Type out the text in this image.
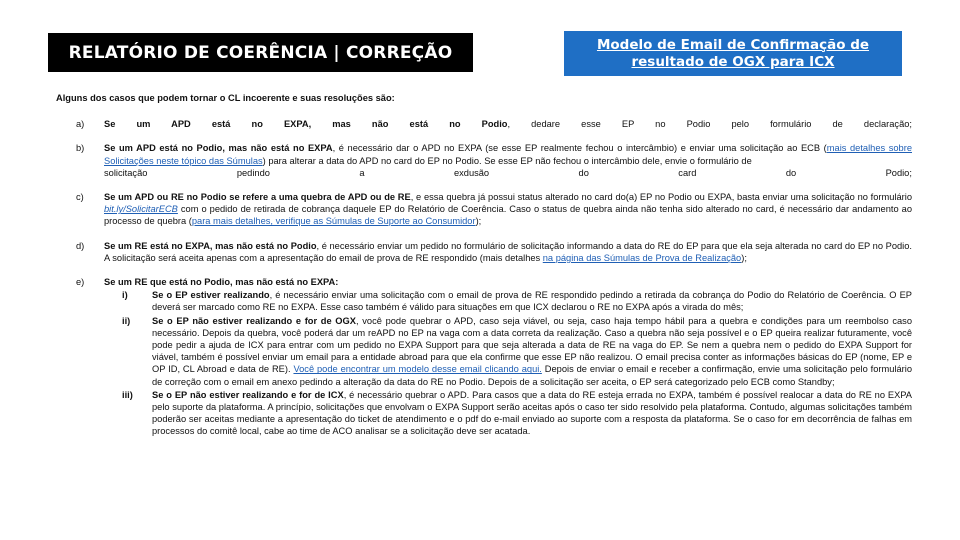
RELATÓRIO DE COERÊNCIA | CORREÇÃO	Modelo de Email de Confirmação de
resultado de OGX para ICX
Alguns dos casos que podem tornar o CL incoerente e suas resoluções são:
a) Se um APD está no EXPA, mas não está no Podio, dedare esse EP no Podio pelo formulário de declaração;
b) Se um APD está no Podio, mas não está no EXPA, é necessário dar o APD no EXPA (se esse EP realmente fechou o intercâmbio) e enviar uma solicitação ao ECB (mais detalhes sobre Solicitações neste tópico das Súmulas) para alterar a data do APD no card do EP no Podio. Se esse EP não fechou o intercâmbio dele, envie o formulário de
solicitação	pedindo	a	exdusão	do	card	do	Podio;
c) Se um APD ou RE no Podio se refere a uma quebra de APD ou de RE, e essa quebra já possui status alterado no card do(a) EP no Podio ou EXPA, basta enviar uma solicitação no formulário bit.ly/SolicitarECB com o pedido de retirada de cobrança daquele EP do Relatório de Coerência. Caso o status de quebra ainda não tenha sido alterado no card, é necessário dar andamento ao processo de quebra (para mais detalhes, verifique as Súmulas de Suporte ao Consumidor);
d) Se um RE está no EXPA, mas não está no Podio, é necessário enviar um pedido no formulário de solicitação informando a data do RE do EP para que ela seja alterada no card do EP no Podio. A solicitação será aceita apenas com a apresentação do email de prova de RE respondido (mais detalhes na página das Súmulas de Prova de Realização);
e) Se um RE que está no Podio, mas não está no EXPA:
i)	Se o EP estiver realizando, é necessário enviar uma solicitação com o email de prova de RE respondido pedindo a retirada da cobrança do Podio do Relatório de Coerência. O EP deverá ser marcado como RE no EXPA. Esse caso também é válido para situações em que ICX declarou o RE no EXPA após a virada do mês;
ii) Se o EP não estiver realizando e for de OGX, você pode quebrar o APD, caso seja viável, ou seja, caso haja tempo hábil para a quebra e condições para um reembolso caso necessário. Depois da quebra, você poderá dar um reAPD no EP na vaga com a data correta da realização. Caso a quebra não seja possível e o EP queira realizar futuramente, você pode pedir a ajuda de ICX para entrar com um pedido no EXPA Support para que seja alterada a data de RE na vaga do EP. Se nem a quebra nem o pedido do EXPA Support for viável, também é possível enviar um email para a entidade abroad para que ela confirme que esse EP não realizou. O email precisa conter as informações básicas do EP (nome, EP e OP ID, CL Abroad e data de RE). Você pode encontrar um modelo desse email clicando aqui. Depois de enviar o email e receber a confirmação, envie uma solicitação pelo formulário de correção com o email em anexo pedindo a alteração da data do RE no Podio. Depois de a solicitação ser aceita, o EP será categorizado pelo ECB como Standby;
iii) Se o EP não estiver realizando e for de ICX, é necessário quebrar o APD. Para casos que a data do RE esteja errada no EXPA, também é possível realocar a data do RE no EXPA pelo suporte da plataforma. A princípio, solicitações que envolvam o EXPA Support serão aceitas após o caso ter sido resolvido pela plataforma. Contudo, algumas solicitações também poderão ser aceitas mediante a apresentação do ticket de atendimento e o pdf do e-mail enviado ao suporte com a resposta da plataforma. Se o caso for em decorrência de falhas em processos do comitê local, cabe ao time de ACO analisar se a solicitação deve ser acatada.
